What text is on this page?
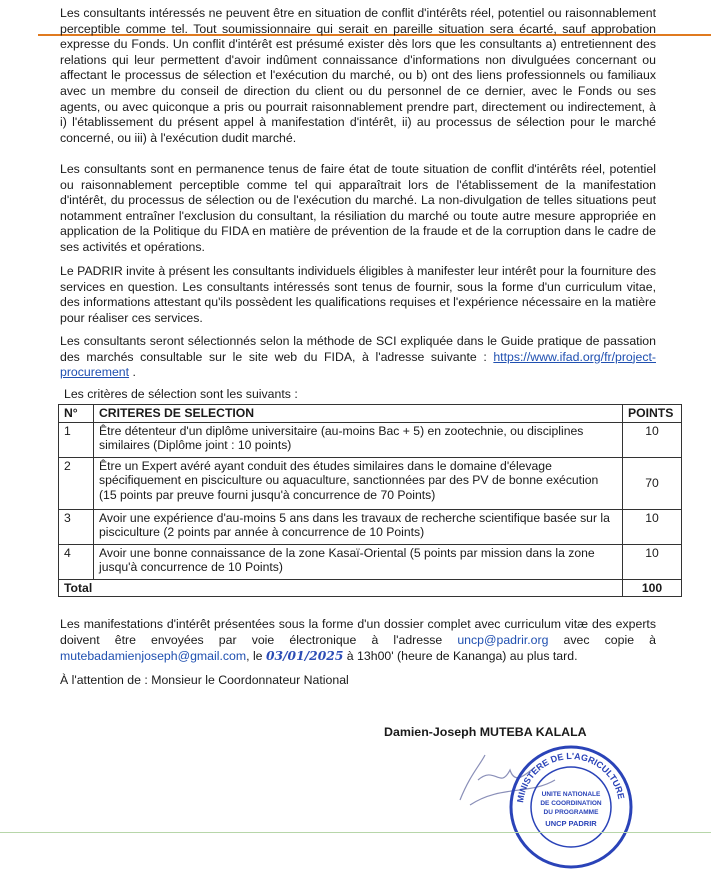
Les consultants intéressés ne peuvent être en situation de conflit d'intérêts réel, potentiel ou raisonnablement perceptible comme tel. Tout soumissionnaire qui serait en pareille situation sera écarté, sauf approbation expresse du Fonds. Un conflit d'intérêt est présumé exister dès lors que les consultants a) entretiennent des relations qui leur permettent d'avoir indûment connaissance d'informations non divulguées concernant ou affectant le processus de sélection et l'exécution du marché, ou b) ont des liens professionnels ou familiaux avec un membre du conseil de direction du client ou du personnel de ce dernier, avec le Fonds ou ses agents, ou avec quiconque a pris ou pourrait raisonnablement prendre part, directement ou indirectement, à i) l'établissement du présent appel à manifestation d'intérêt, ii) au processus de sélection pour le marché concerné, ou iii) à l'exécution dudit marché.

Les consultants sont en permanence tenus de faire état de toute situation de conflit d'intérêts réel, potentiel ou raisonnablement perceptible comme tel qui apparaîtrait lors de l'établissement de la manifestation d'intérêt, du processus de sélection ou de l'exécution du marché. La non-divulgation de telles situations peut notamment entraîner l'exclusion du consultant, la résiliation du marché ou toute autre mesure appropriée en application de la Politique du FIDA en matière de prévention de la fraude et de la corruption dans le cadre de ses activités et opérations.

Le PADRIR invite à présent les consultants individuels éligibles à manifester leur intérêt pour la fourniture des services en question. Les consultants intéressés sont tenus de fournir, sous la forme d'un curriculum vitae, des informations attestant qu'ils possèdent les qualifications requises et l'expérience nécessaire en la matière pour réaliser ces services.

Les consultants seront sélectionnés selon la méthode de SCI expliquée dans le Guide pratique de passation des marchés consultable sur le site web du FIDA, à l'adresse suivante : https://www.ifad.org/fr/project-procurement .

Les critères de sélection sont les suivants :

N°	CRITERES DE SELECTION	POINTS
1	Être détenteur d'un diplôme universitaire (au-moins Bac + 5) en zootechnie, ou disciplines similaires (Diplôme joint : 10 points)	10
2	Être un Expert avéré ayant conduit des études similaires dans le domaine d'élevage spécifiquement en pisciculture ou aquaculture, sanctionnées par des PV de bonne exécution (15 points par preuve fourni jusqu'à concurrence de 70 Points)	70
3	Avoir une expérience d'au-moins 5 ans dans les travaux de recherche scientifique basée sur la pisciculture (2 points par année à concurrence de 10 Points)	10
4	Avoir une bonne connaissance de la zone Kasaï-Oriental (5 points par mission dans la zone jusqu'à concurrence de 10 Points)	10
Total		100

Les manifestations d'intérêt présentées sous la forme d'un dossier complet avec curriculum vitæ des experts doivent être envoyées par voie électronique à l'adresse uncp@padrir.org avec copie à mutebadamienjoseph@gmail.com, le 03/01/2025 à 13h00' (heure de Kananga) au plus tard.

À l'attention de : Monsieur le Coordonnateur National

Damien-Joseph MUTEBA KALALA
MINISTERE DE L'AGRICULTURE
UNITE NATIONALE
DE COORDINATION
DU PROGRAMME
UNCP PADRIR
